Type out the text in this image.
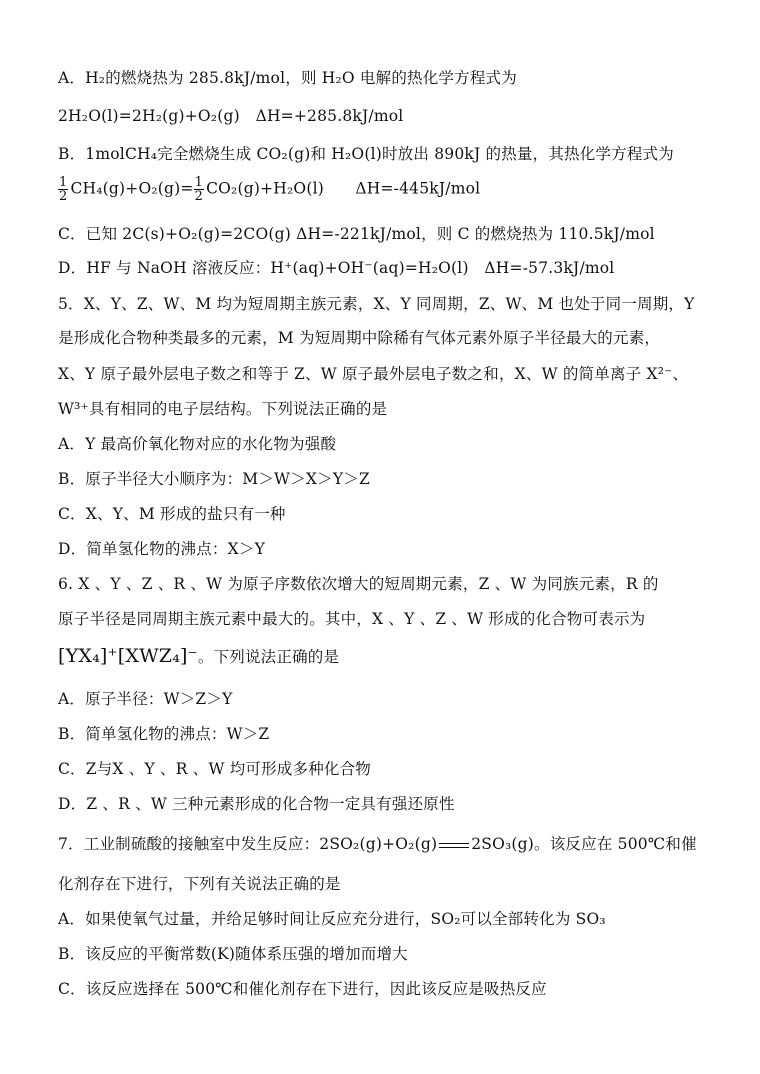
A．H₂的燃烧热为 285.8kJ/mol，则 H₂O 电解的热化学方程式为
2H₂O(l)=2H₂(g)+O₂(g)　ΔH=+285.8kJ/mol
B．1molCH₄完全燃烧生成 CO₂(g)和 H₂O(l)时放出 890kJ 的热量，其热化学方程式为
$\frac{1}{2} CH_4(g)+O_2(g)= \frac{1}{2} CO_2(g)+H_2O(l)$　　ΔH=-445kJ/mol
C．已知 2C(s)+O₂(g)=2CO(g) ΔH=-221kJ/mol，则 C 的燃烧热为 110.5kJ/mol
D．HF 与 NaOH 溶液反应：H⁺(aq)+OH⁻(aq)=H₂O(l)　ΔH=-57.3kJ/mol
5．X、Y、Z、W、M 均为短周期主族元素，X、Y 同周期，Z、W、M 也处于同一周期，Y
是形成化合物种类最多的元素，M 为短周期中除稀有气体元素外原子半径最大的元素，
X、Y 原子最外层电子数之和等于 Z、W 原子最外层电子数之和，X、W 的简单离子 X²⁻、
W³⁺具有相同的电子层结构。下列说法正确的是
A．Y 最高价氧化物对应的水化物为强酸
B．原子半径大小顺序为：M＞W＞X＞Y＞Z
C．X、Y、M 形成的盐只有一种
D．简单氢化物的沸点：X＞Y
6. X 、Y 、Z 、R 、W 为原子序数依次增大的短周期元素，Z 、W 为同族元素，R 的
原子半径是同周期主族元素中最大的。其中，X 、Y 、Z 、W 形成的化合物可表示为
[YX₄]⁺[XWZ₄]⁻。下列说法正确的是
A．原子半径：W＞Z＞Y
B．简单氢化物的沸点：W＞Z
C．Z与X 、Y 、R 、W 均可形成多种化合物
D．Z 、R 、W 三种元素形成的化合物一定具有强还原性
7．工业制硫酸的接触室中发生反应：2SO₂(g)+O₂(g) 2SO₃(g)。该反应在 500℃和催
化剂存在下进行，下列有关说法正确的是
A．如果使氧气过量，并给足够时间让反应充分进行，SO₂可以全部转化为 SO₃
B．该反应的平衡常数(K)随体系压强的增加而增大
C．该反应选择在 500℃和催化剂存在下进行，因此该反应是吸热反应
